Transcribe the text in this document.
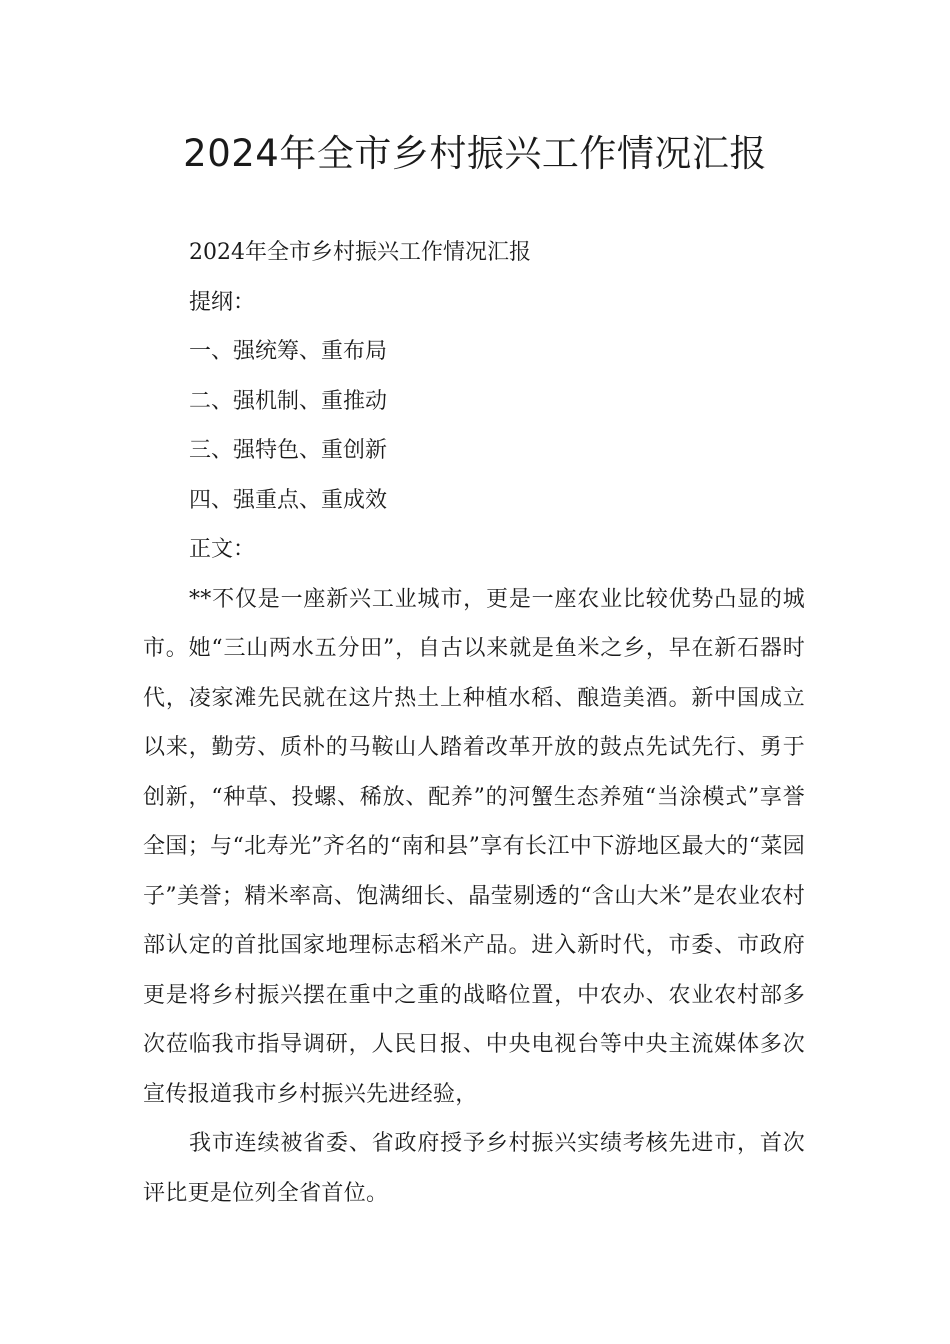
2024年全市乡村振兴工作情况汇报

2024年全市乡村振兴工作情况汇报

提纲：

一、强统筹、重布局

二、强机制、重推动

三、强特色、重创新

四、强重点、重成效

正文：

**不仅是一座新兴工业城市，更是一座农业比较优势凸显的城市。她“三山两水五分田”，自古以来就是鱼米之乡，早在新石器时代，凌家滩先民就在这片热土上种植水稻、酿造美酒。新中国成立以来，勤劳、质朴的马鞍山人踏着改革开放的鼓点先试先行、勇于创新，“种草、投螺、稀放、配养”的河蟹生态养殖“当涂模式”享誉全国；与“北寿光”齐名的“南和县”享有长江中下游地区最大的“菜园子”美誉；精米率高、饱满细长、晶莹剔透的“含山大米”是农业农村部认定的首批国家地理标志稻米产品。进入新时代，市委、市政府更是将乡村振兴摆在重中之重的战略位置，中农办、农业农村部多次莅临我市指导调研，人民日报、中央电视台等中央主流媒体多次宣传报道我市乡村振兴先进经验，

我市连续被省委、省政府授予乡村振兴实绩考核先进市，首次评比更是位列全省首位。
